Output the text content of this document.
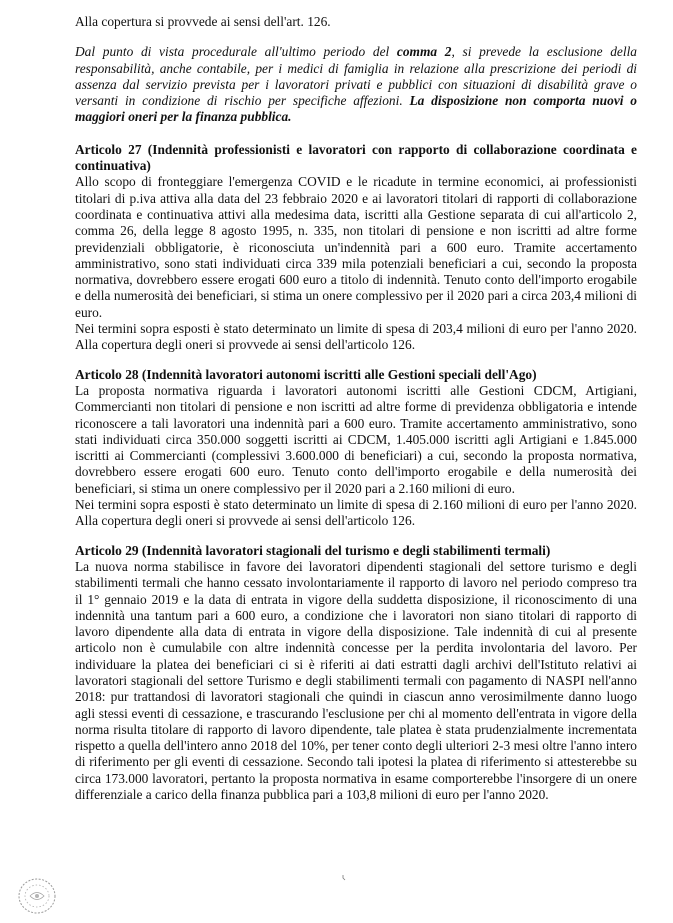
Alla copertura si provvede ai sensi dell'art. 126.

Dal punto di vista procedurale all'ultimo periodo del comma 2, si prevede la esclusione della responsabilità, anche contabile, per i medici di famiglia in relazione alla prescrizione dei periodi di assenza dal servizio prevista per i lavoratori privati e pubblici con situazioni di disabilità grave o versanti in condizione di rischio per specifiche affezioni. La disposizione non comporta nuovi o maggiori oneri per la finanza pubblica.

Articolo 27 (Indennità professionisti e lavoratori con rapporto di collaborazione coordinata e continuativa)

Allo scopo di fronteggiare l'emergenza COVID e le ricadute in termine economici, ai professionisti titolari di p.iva attiva alla data del 23 febbraio 2020 e ai lavoratori titolari di rapporti di collaborazione coordinata e continuativa attivi alla medesima data, iscritti alla Gestione separata di cui all'articolo 2, comma 26, della legge 8 agosto 1995, n. 335, non titolari di pensione e non iscritti ad altre forme previdenziali obbligatorie, è riconosciuta un'indennità pari a 600 euro. Tramite accertamento amministrativo, sono stati individuati circa 339 mila potenziali beneficiari a cui, secondo la proposta normativa, dovrebbero essere erogati 600 euro a titolo di indennità. Tenuto conto dell'importo erogabile e della numerosità dei beneficiari, si stima un onere complessivo per il 2020 pari a circa 203,4 milioni di euro.

Nei termini sopra esposti è stato determinato un limite di spesa di 203,4 milioni di euro per l'anno 2020. Alla copertura degli oneri si provvede ai sensi dell'articolo 126.

Articolo 28 (Indennità lavoratori autonomi iscritti alle Gestioni speciali dell'Ago)

La proposta normativa riguarda i lavoratori autonomi iscritti alle Gestioni CDCM, Artigiani, Commercianti non titolari di pensione e non iscritti ad altre forme di previdenza obbligatoria e intende riconoscere a tali lavoratori una indennità pari a 600 euro. Tramite accertamento amministrativo, sono stati individuati circa 350.000 soggetti iscritti ai CDCM, 1.405.000 iscritti agli Artigiani e 1.845.000 iscritti ai Commercianti (complessivi 3.600.000 di beneficiari) a cui, secondo la proposta normativa, dovrebbero essere erogati 600 euro. Tenuto conto dell'importo erogabile e della numerosità dei beneficiari, si stima un onere complessivo per il 2020 pari a 2.160 milioni di euro.

Nei termini sopra esposti è stato determinato un limite di spesa di 2.160 milioni di euro per l'anno 2020. Alla copertura degli oneri si provvede ai sensi dell'articolo 126.

Articolo 29 (Indennità lavoratori stagionali del turismo e degli stabilimenti termali)

La nuova norma stabilisce in favore dei lavoratori dipendenti stagionali del settore turismo e degli stabilimenti termali che hanno cessato involontariamente il rapporto di lavoro nel periodo compreso tra il 1° gennaio 2019 e la data di entrata in vigore della suddetta disposizione, il riconoscimento di una indennità una tantum pari a 600 euro, a condizione che i lavoratori non siano titolari di rapporto di lavoro dipendente alla data di entrata in vigore della disposizione. Tale indennità di cui al presente articolo non è cumulabile con altre indennità concesse per la perdita involontaria del lavoro. Per individuare la platea dei beneficiari ci si è riferiti ai dati estratti dagli archivi dell'Istituto relativi ai lavoratori stagionali del settore Turismo e degli stabilimenti termali con pagamento di NASPI nell'anno 2018: pur trattandosi di lavoratori stagionali che quindi in ciascun anno verosimilmente danno luogo agli stessi eventi di cessazione, e trascurando l'esclusione per chi al momento dell'entrata in vigore della norma risulta titolare di rapporto di lavoro dipendente, tale platea è stata prudenzialmente incrementata rispetto a quella dell'intero anno 2018 del 10%, per tener conto degli ulteriori 2-3 mesi oltre l'anno intero di riferimento per gli eventi di cessazione. Secondo tali ipotesi la platea di riferimento si attesterebbe su circa 173.000 lavoratori, pertanto la proposta normativa in esame comporterebbe l'insorgere di un onere differenziale a carico della finanza pubblica pari a 103,8 milioni di euro per l'anno 2020.
